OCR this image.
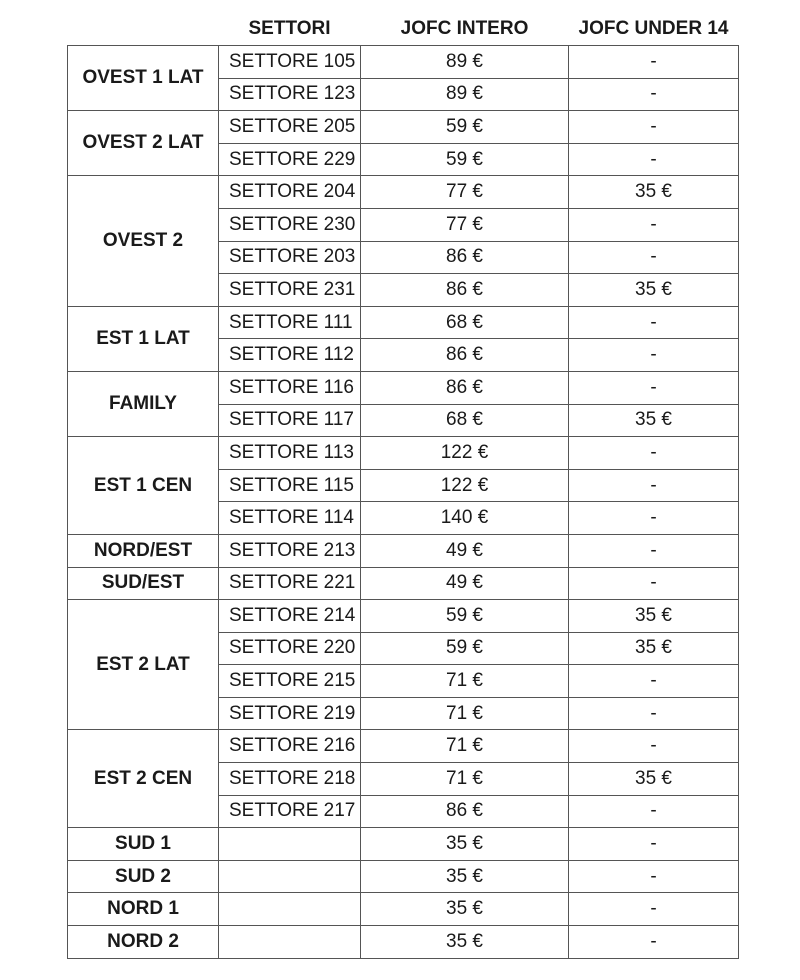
	SETTORI	JOFC INTERO	JOFC UNDER 14
OVEST 1 LAT	SETTORE 105	89 €	-
	SETTORE 123	89 €	-
OVEST 2 LAT	SETTORE 205	59 €	-
	SETTORE 229	59 €	-
OVEST 2	SETTORE 204	77 €	35 €
	SETTORE 230	77 €	-
	SETTORE 203	86 €	-
	SETTORE 231	86 €	35 €
EST 1 LAT	SETTORE 111	68 €	-
	SETTORE 112	86 €	-
FAMILY	SETTORE 116	86 €	-
	SETTORE 117	68 €	35 €
EST 1 CEN	SETTORE 113	122 €	-
	SETTORE 115	122 €	-
	SETTORE 114	140 €	-
NORD/EST	SETTORE 213	49 €	-
SUD/EST	SETTORE 221	49 €	-
EST 2 LAT	SETTORE 214	59 €	35 €
	SETTORE 220	59 €	35 €
	SETTORE 215	71 €	-
	SETTORE 219	71 €	-
EST 2 CEN	SETTORE 216	71 €	-
	SETTORE 218	71 €	35 €
	SETTORE 217	86 €	-
SUD 1		35 €	-
SUD 2		35 €	-
NORD 1		35 €	-
NORD 2		35 €	-
